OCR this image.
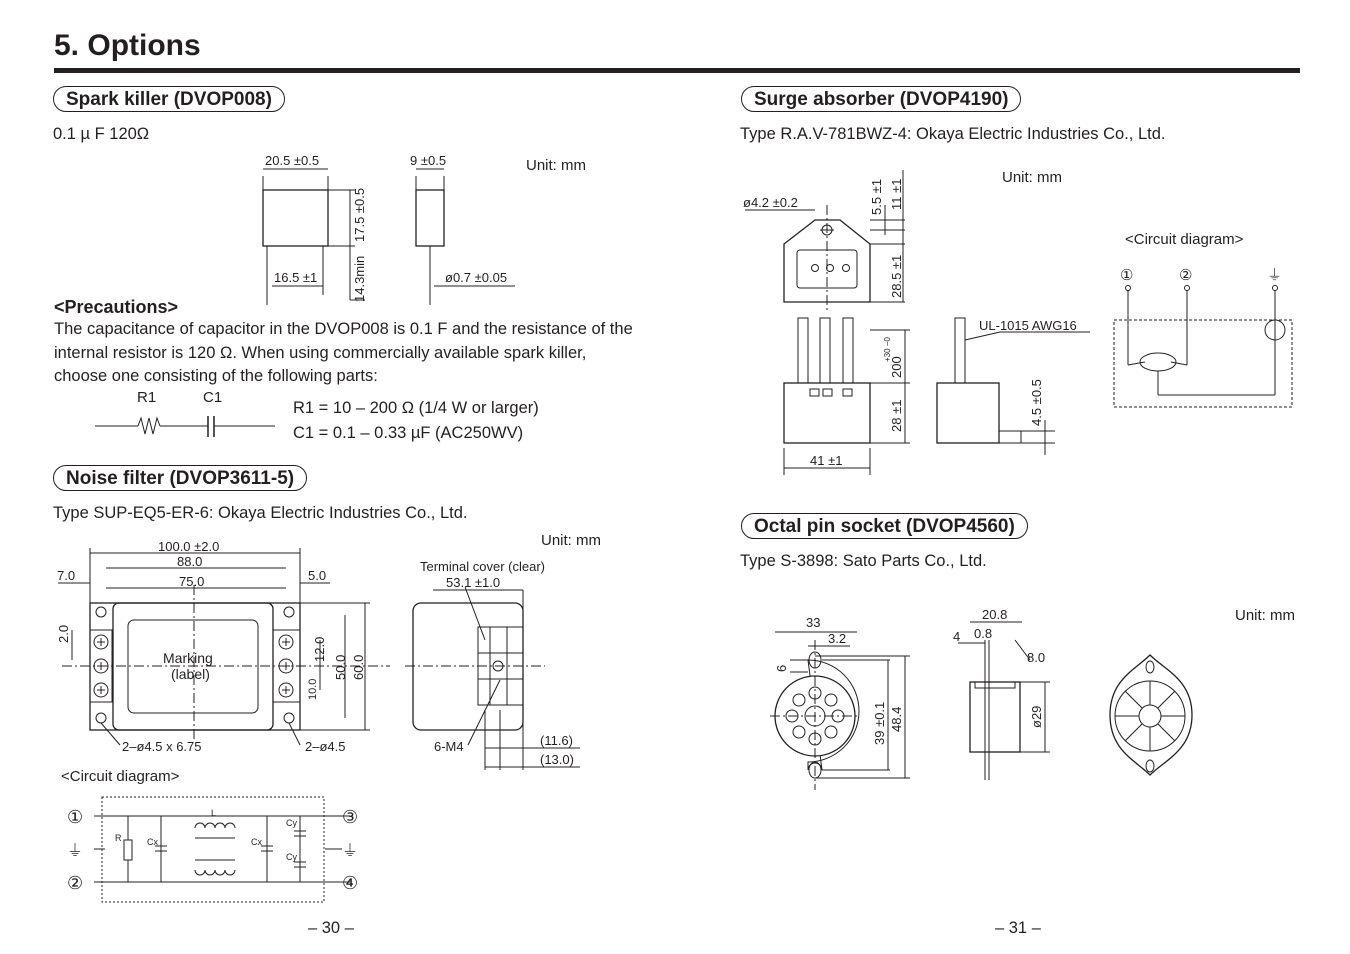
5. Options
Spark killer (DVOP008)
0.1 µ F 120Ω
Unit: mm
20.5 ±0.5	9 ±0.5
16.5 ±1	ø0.7 ±0.05
17.5 ±0.5
14.3min
<Precautions>
The capacitance of capacitor in the DVOP008 is 0.1 F and the resistance of the internal resistor is 120 Ω. When using commercially available spark killer, choose one consisting of the following parts:
R1	C1
R1 = 10 – 200 Ω (1/4 W or larger)
C1 = 0.1 – 0.33 µF (AC250WV)
Noise filter (DVOP3611-5)
Type SUP-EQ5-ER-6: Okaya Electric Industries Co., Ltd.
Unit: mm
100.0 ±2.0
88.0
75.0
7.0	5.0
2.0
12.0
10.0
50.0 60.0
Marking
(label)
2–ø4.5 x 6.75	2–ø4.5
Terminal cover (clear)
53.1 ±1.0
6-M4	(11.6)
(13.0)
L
R	Cx	Cx
Cy
Cy
①
⏚
②
③
⏚
④
<Circuit diagram>
Surge absorber (DVOP4190)
Type R.A.V-781BWZ-4: Okaya Electric Industries Co., Ltd.
Unit: mm
<Circuit diagram>
ø4.2 ±0.2	5.5 ±1 11 ±1
28.5 ±1
200
+30 −0
28 ±1
41 ±1
4.5 ±0.5
UL-1015 AWG16
①	②	⏚
Octal pin socket (DVOP4560)
Type S-3898: Sato Parts Co., Ltd.
Unit: mm
33
3.2
6
39 ±0.1 48.4
20.8
4 0.8
8.0
ø29
– 30 –	– 31 –
